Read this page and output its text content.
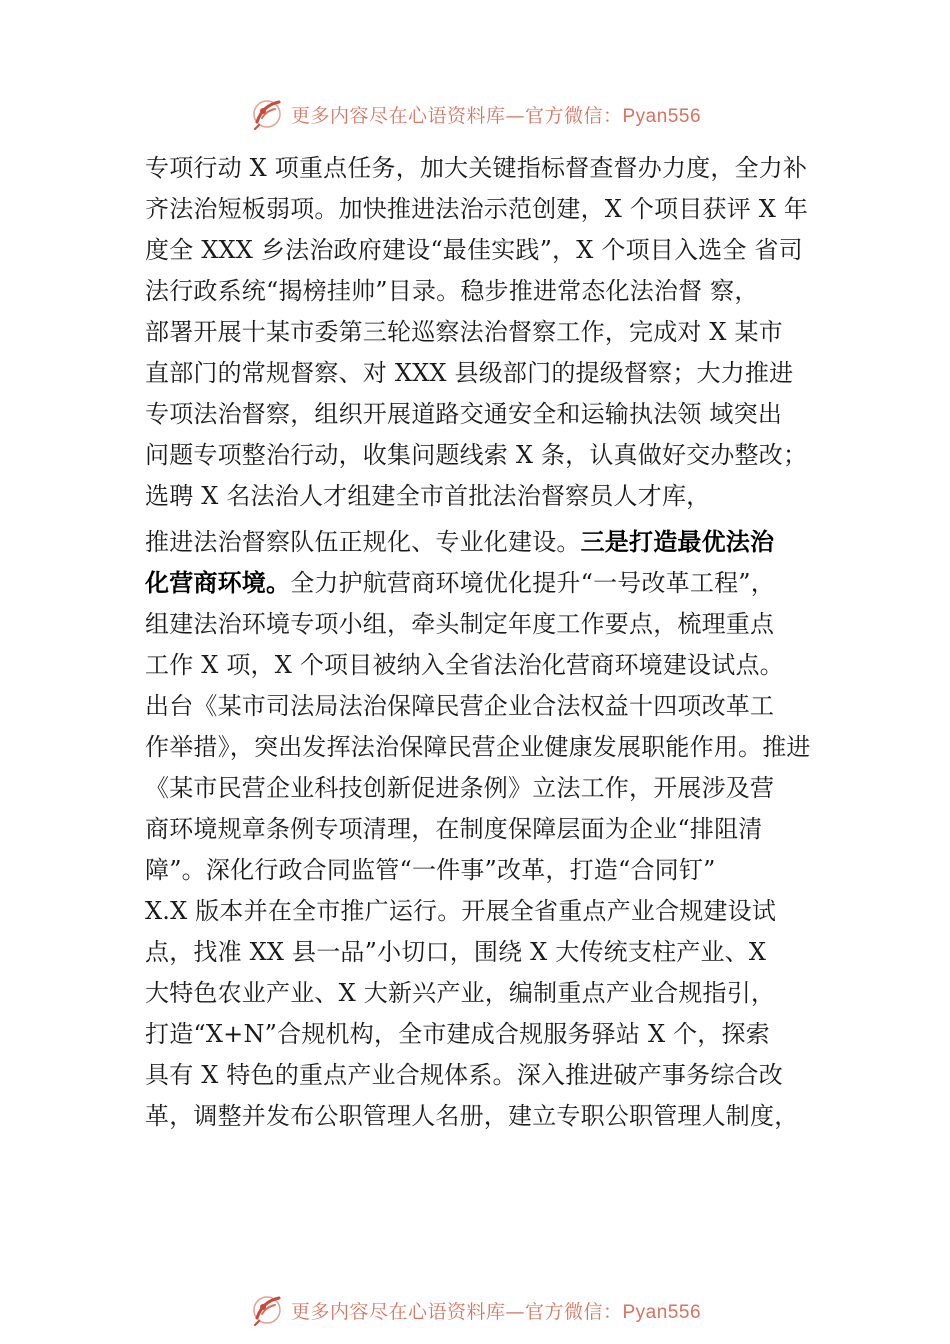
更多内容尽在心语资料库—官方微信：Pyan556
专项行动 X 项重点任务，加大关键指标督查督办力度，全力补
齐法治短板弱项。加快推进法治示范创建，X 个项目获评 X 年
度全 XXX 乡法治政府建设“最佳实践”，X 个项目入选全 省司
法行政系统“揭榜挂帅”目录。稳步推进常态化法治督 察，
部署开展十某市委第三轮巡察法治督察工作，完成对 X 某市
直部门的常规督察、对 XXX 县级部门的提级督察；大力推进
专项法治督察，组织开展道路交通安全和运输执法领 域突出
问题专项整治行动，收集问题线索 X 条，认真做好交办整改；
选聘 X 名法治人才组建全市首批法治督察员人才库，
推进法治督察队伍正规化、专业化建设。三是打造最优法治
化营商环境。全力护航营商环境优化提升“一号改革工程”，
组建法治环境专项小组，牵头制定年度工作要点，梳理重点
工作 X 项，X 个项目被纳入全省法治化营商环境建设试点。
出台《某市司法局法治保障民营企业合法权益十四项改革工
作举措》，突出发挥法治保障民营企业健康发展职能作用。推进
《某市民营企业科技创新促进条例》立法工作，开展涉及营
商环境规章条例专项清理，在制度保障层面为企业“排阻清
障”。深化行政合同监管“一件事”改革，打造“合同钉”
X.X 版本并在全市推广运行。开展全省重点产业合规建设试
点，找准 XX 县一品”小切口，围绕 X 大传统支柱产业、X
大特色农业产业、X 大新兴产业，编制重点产业合规指引，
打造“X+N”合规机构，全市建成合规服务驿站 X 个，探索
具有 X 特色的重点产业合规体系。深入推进破产事务综合改
革，调整并发布公职管理人名册，建立专职公职管理人制度，
更多内容尽在心语资料库—官方微信：Pyan556
